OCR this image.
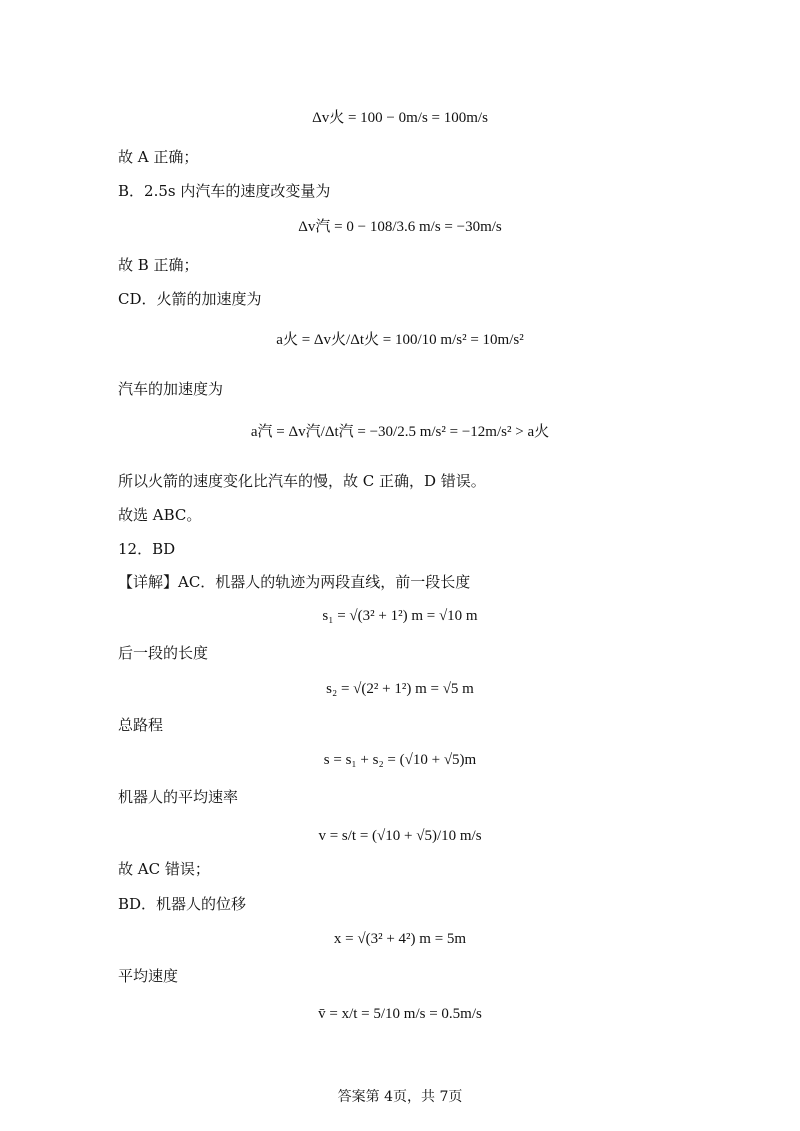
Δv火 = 100 − 0m/s = 100m/s
故 A 正确；
B．2.5s 内汽车的速度改变量为
Δv汽 = 0 − 108/3.6 m/s = −30m/s
故 B 正确；
CD．火箭的加速度为
a火 = Δv火/Δt火 = 100/10 m/s² = 10m/s²
汽车的加速度为
a汽 = Δv汽/Δt汽 = −30/2.5 m/s² = −12m/s² > a火
所以火箭的速度变化比汽车的慢，故 C 正确，D 错误。
故选 ABC。
12．BD
【详解】AC．机器人的轨迹为两段直线，前一段长度
s₁ = √(3² + 1²) m = √10 m
后一段的长度
s₂ = √(2² + 1²) m = √5 m
总路程
s = s₁ + s₂ = (√10 + √5)m
机器人的平均速率
v = s/t = (√10 + √5)/10 m/s
故 AC 错误；
BD．机器人的位移
x = √(3² + 4²) m = 5m
平均速度
v̄ = x/t = 5/10 m/s = 0.5m/s
答案第 4页，共 7页
